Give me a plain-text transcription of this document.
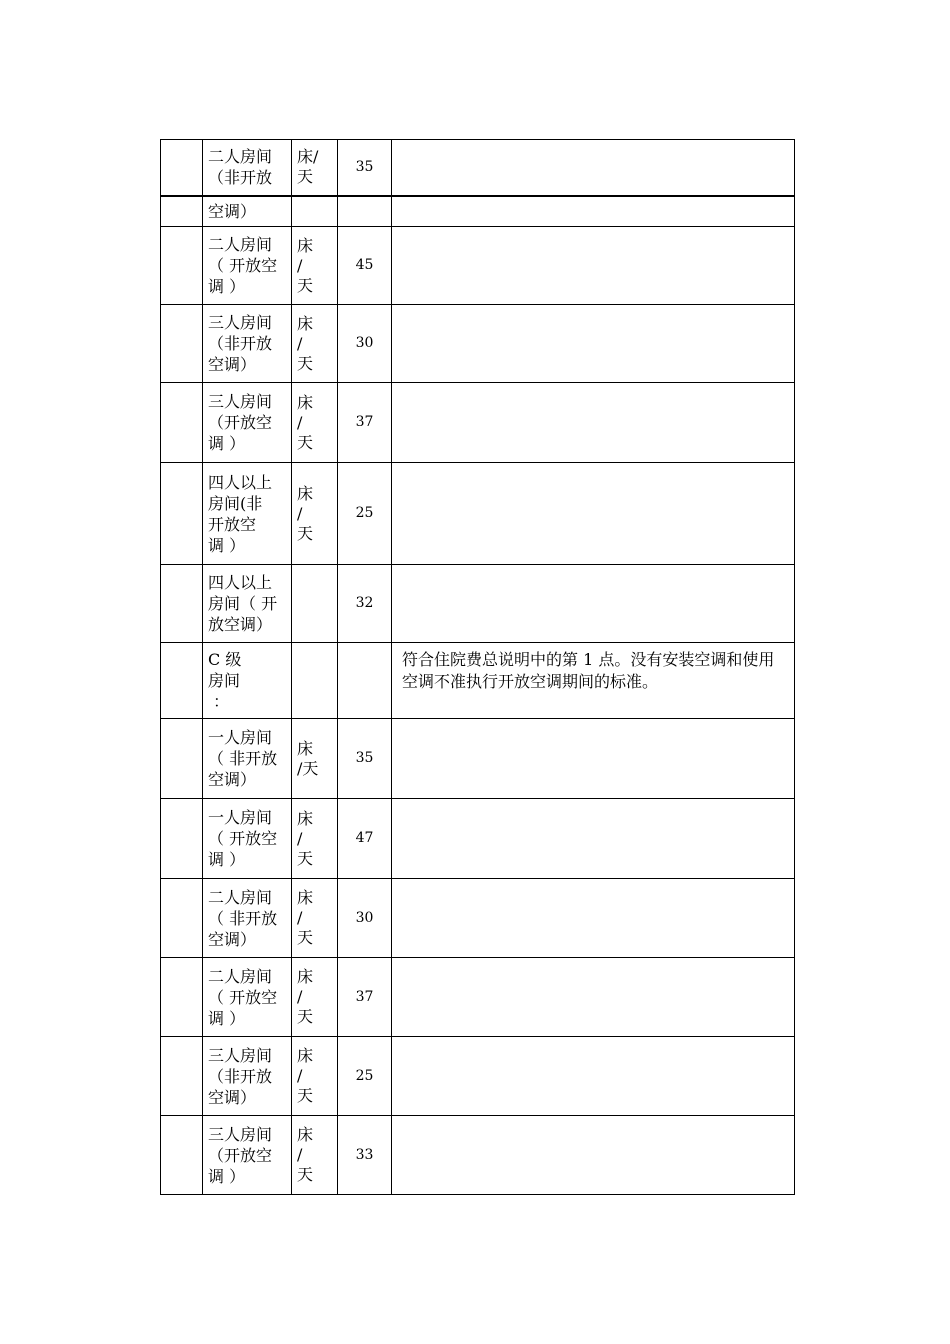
	二人房间
（非开放	床/
天	35	
	空调）			
	二人房间
（ 开放空
调 ）	床
/
天	45	
	三人房间
（非开放
空调）	床
/
天	30	
	三人房间
（开放空
调 ）	床
/
天	37	
	四人以上
房间(非
开放空
调 ）	床
/
天	25	
	四人以上
房间（ 开
放空调）		32	
	C 级
房间
：			符合住院费总说明中的第 1 点。没有安装空调和使用空调不准执行开放空调期间的标准。
	一人房间
（ 非开放
空调）	床
/天	35	
	一人房间
（ 开放空
调 ）	床
/
天	47	
	二人房间
（ 非开放
空调）	床
/
天	30	
	二人房间
（ 开放空
调 ）	床
/
天	37	
	三人房间
（非开放
空调）	床
/
天	25	
	三人房间
（开放空
调 ）	床
/
天	33	
